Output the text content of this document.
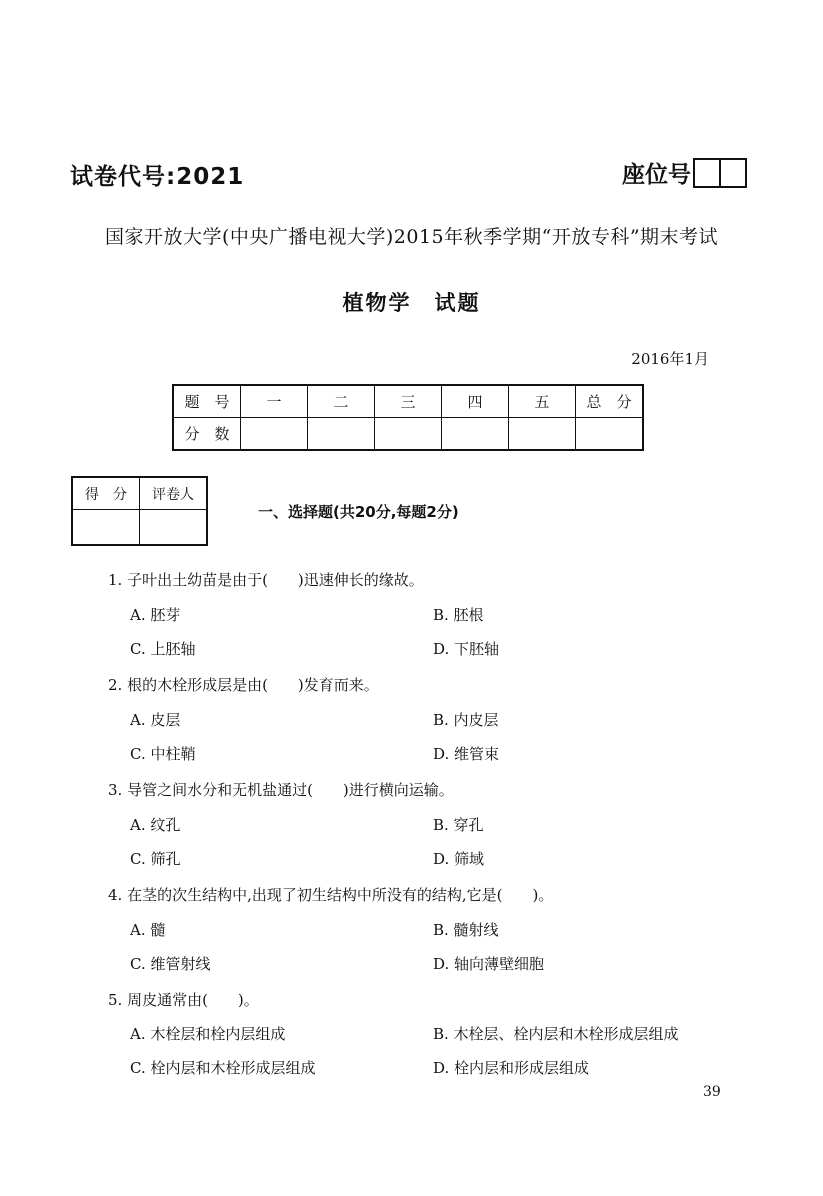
试卷代号:2021	座位号
国家开放大学(中央广播电视大学)2015年秋季学期“开放专科”期末考试
植物学　试题
2016年1月
题　号	一	二	三	四	五	总　分
分　数						
得　分	评卷人

一、选择题(共20分,每题2分)
1. 子叶出土幼苗是由于(　　)迅速伸长的缘故。
A. 胚芽	B. 胚根
C. 上胚轴	D. 下胚轴
2. 根的木栓形成层是由(　　)发育而来。
A. 皮层	B. 内皮层
C. 中柱鞘	D. 维管束
3. 导管之间水分和无机盐通过(　　)进行横向运输。
A. 纹孔	B. 穿孔
C. 筛孔	D. 筛域
4. 在茎的次生结构中,出现了初生结构中所没有的结构,它是(　　)。
A. 髓	B. 髓射线
C. 维管射线	D. 轴向薄壁细胞
5. 周皮通常由(　　)。
A. 木栓层和栓内层组成	B. 木栓层、栓内层和木栓形成层组成
C. 栓内层和木栓形成层组成	D. 栓内层和形成层组成
39
